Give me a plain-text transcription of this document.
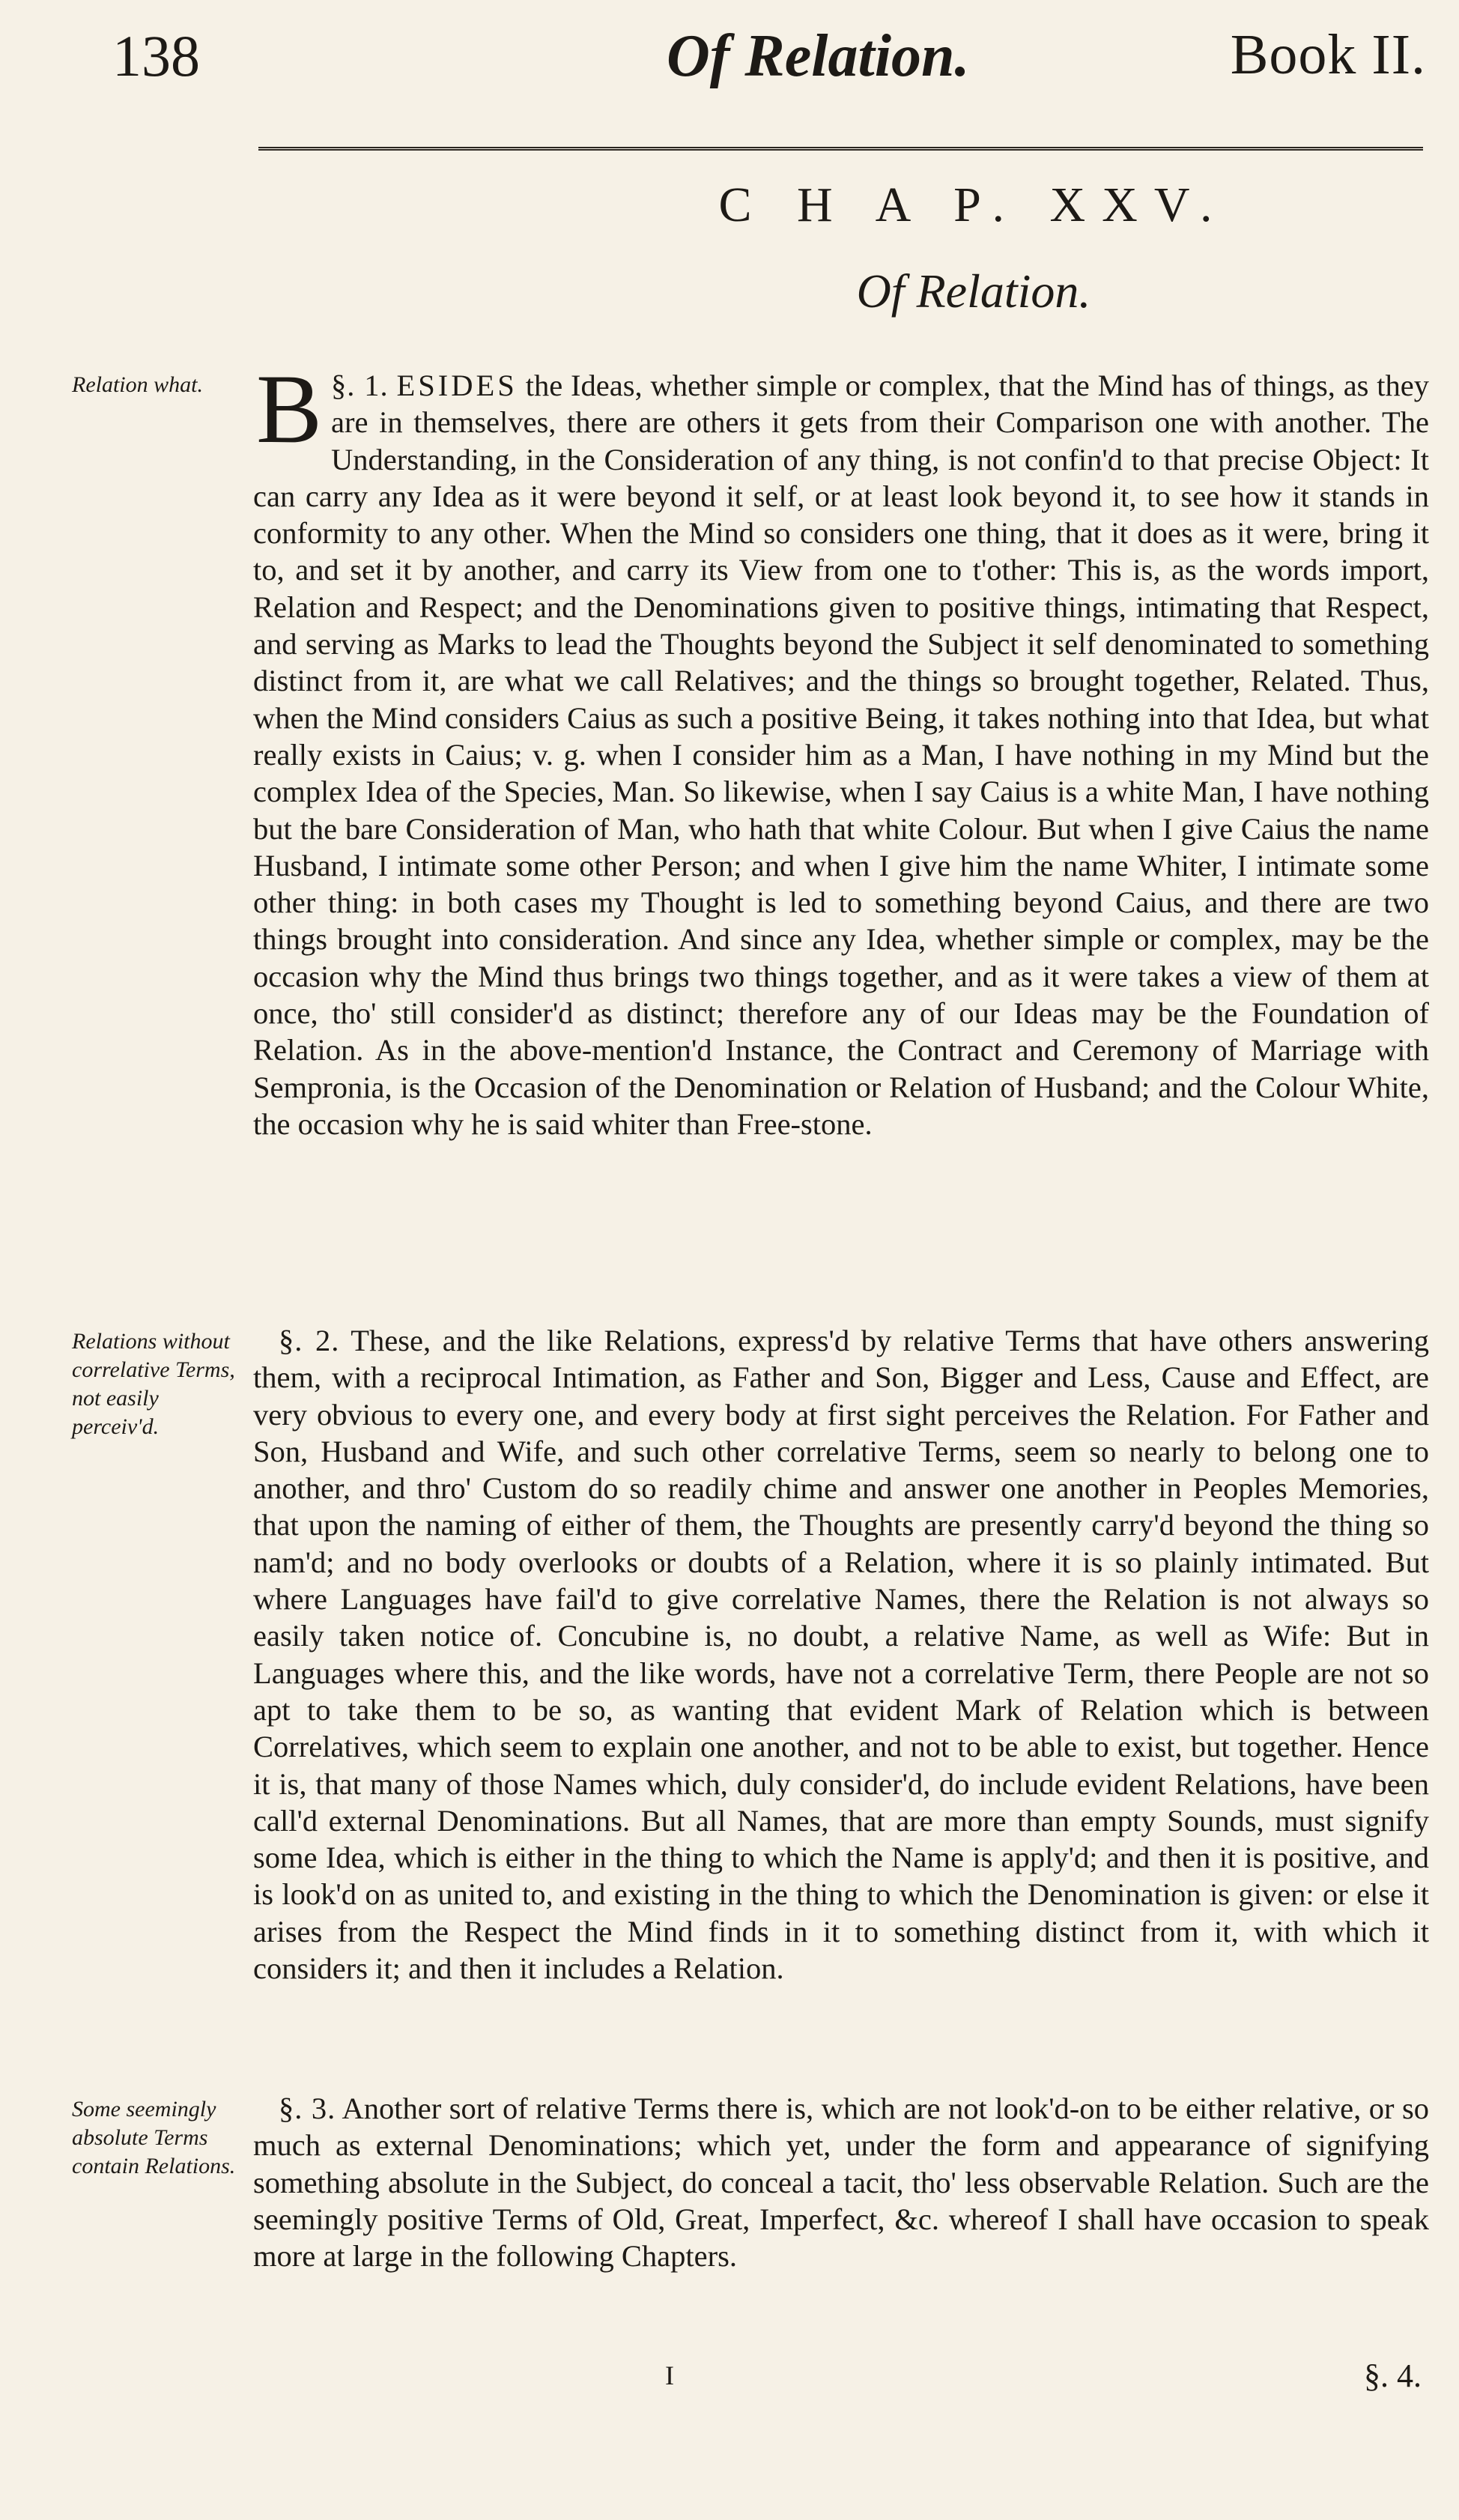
138	Of Relation.	Book II.
C H A P. XXV.
Of Relation.
Relation what.
Relations without correlative Terms, not easily perceiv'd.
Some seemingly absolute Terms contain Relations.

§. 1.
B ESIDES the Ideas, whether simple or complex, that the Mind has of things, as they are in themselves, there are others it gets from their Comparison one with another. The Understanding, in the Consideration of any thing, is not confin'd to that precise Object: It can carry any Idea as it were beyond it self, or at least look beyond it, to see how it stands in conformity to any other. When the Mind so considers one thing, that it does as it were, bring it to, and set it by another, and carry its View from one to t'other: This is, as the words import, Relation and Respect; and the Denominations given to positive things, intimating that Respect, and serving as Marks to lead the Thoughts beyond the Subject it self denominated to something distinct from it, are what we call Relatives; and the things so brought together, Related. Thus, when the Mind considers Caius as such a positive Being, it takes nothing into that Idea, but what really exists in Caius; v. g. when I consider him as a Man, I have nothing in my Mind but the complex Idea of the Species, Man. So likewise, when I say Caius is a white Man, I have nothing but the bare Consideration of Man, who hath that white Colour. But when I give Caius the name Husband, I intimate some other Person; and when I give him the name Whiter, I intimate some other thing: in both cases my Thought is led to something beyond Caius, and there are two things brought into consideration. And since any Idea, whether simple or complex, may be the occasion why the Mind thus brings two things together, and as it were takes a view of them at once, tho' still consider'd as distinct; therefore any of our Ideas may be the Foundation of Relation. As in the above-mention'd Instance, the Contract and Ceremony of Marriage with Sempronia, is the Occasion of the Denomination or Relation of Husband; and the Colour White, the occasion why he is said whiter than Free-stone.

§. 2. These, and the like Relations, express'd by relative Terms that have others answering them, with a reciprocal Intimation, as Father and Son, Bigger and Less, Cause and Effect, are very obvious to every one, and every body at first sight perceives the Relation. For Father and Son, Husband and Wife, and such other correlative Terms, seem so nearly to belong one to another, and thro' Custom do so readily chime and answer one another in Peoples Memories, that upon the naming of either of them, the Thoughts are presently carry'd beyond the thing so nam'd; and no body overlooks or doubts of a Relation, where it is so plainly intimated. But where Languages have fail'd to give correlative Names, there the Relation is not always so easily taken notice of. Concubine is, no doubt, a relative Name, as well as Wife: But in Languages where this, and the like words, have not a correlative Term, there People are not so apt to take them to be so, as wanting that evident Mark of Relation which is between Correlatives, which seem to explain one another, and not to be able to exist, but together. Hence it is, that many of those Names which, duly consider'd, do include evident Relations, have been call'd external Denominations. But all Names, that are more than empty Sounds, must signify some Idea, which is either in the thing to which the Name is apply'd; and then it is positive, and is look'd on as united to, and existing in the thing to which the Denomination is given: or else it arises from the Respect the Mind finds in it to something distinct from it, with which it considers it; and then it includes a Relation.

§. 3. Another sort of relative Terms there is, which are not look'd-on to be either relative, or so much as external Denominations; which yet, under the form and appearance of signifying something absolute in the Subject, do conceal a tacit, tho' less observable Relation. Such are the seemingly positive Terms of Old, Great, Imperfect, &c. whereof I shall have occasion to speak more at large in the following Chapters.

I	§. 4.
